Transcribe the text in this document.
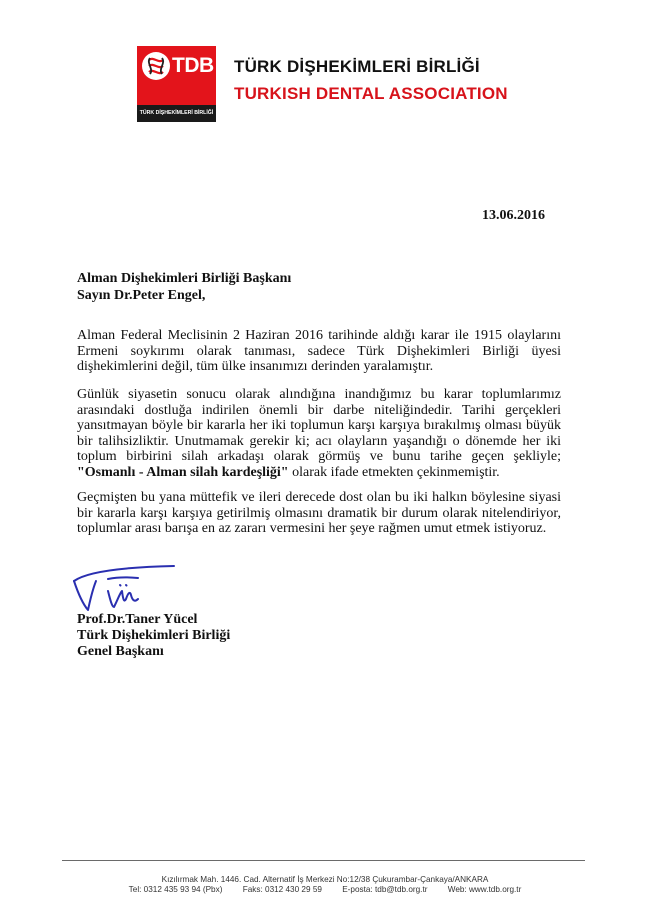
TDB
TÜRK DİŞHEKİMLERİ BİRLİĞİ
TÜRK DİŞHEKİMLERİ BİRLİĞİ
TURKISH DENTAL ASSOCIATION
13.06.2016
Alman Dişhekimleri Birliği Başkanı
Sayın Dr.Peter Engel,
Alman Federal Meclisinin 2 Haziran 2016 tarihinde aldığı karar ile 1915 olaylarını Ermeni soykırımı olarak tanıması, sadece Türk Dişhekimleri Birliği üyesi dişhekimlerini değil, tüm ülke insanımızı derinden yaralamıştır.
Günlük siyasetin sonucu olarak alındığına inandığımız bu karar toplumlarımız arasındaki dostluğa indirilen önemli bir darbe niteliğindedir. Tarihi gerçekleri yansıtmayan böyle bir kararla her iki toplumun karşı karşıya bırakılmış olması büyük bir talihsizliktir. Unutmamak gerekir ki; acı olayların yaşandığı o dönemde her iki toplum birbirini silah arkadaşı olarak görmüş ve bunu tarihe geçen şekliyle; "Osmanlı - Alman silah kardeşliği" olarak ifade etmekten çekinmemiştir.
Geçmişten bu yana müttefik ve ileri derecede dost olan bu iki halkın böylesine siyasi bir kararla karşı karşıya getirilmiş olmasını dramatik bir durum olarak nitelendiriyor, toplumlar arası barışa en az zararı vermesini her şeye rağmen umut etmek istiyoruz.
Prof.Dr.Taner Yücel
Türk Dişhekimleri Birliği
Genel Başkanı
Kızılırmak Mah. 1446. Cad. Alternatif İş Merkezi No:12/38 Çukurambar-Çankaya/ANKARA
Tel: 0312 435 93 94 (Pbx) Faks: 0312 430 29 59 E-posta: tdb@tdb.org.tr Web: www.tdb.org.tr
